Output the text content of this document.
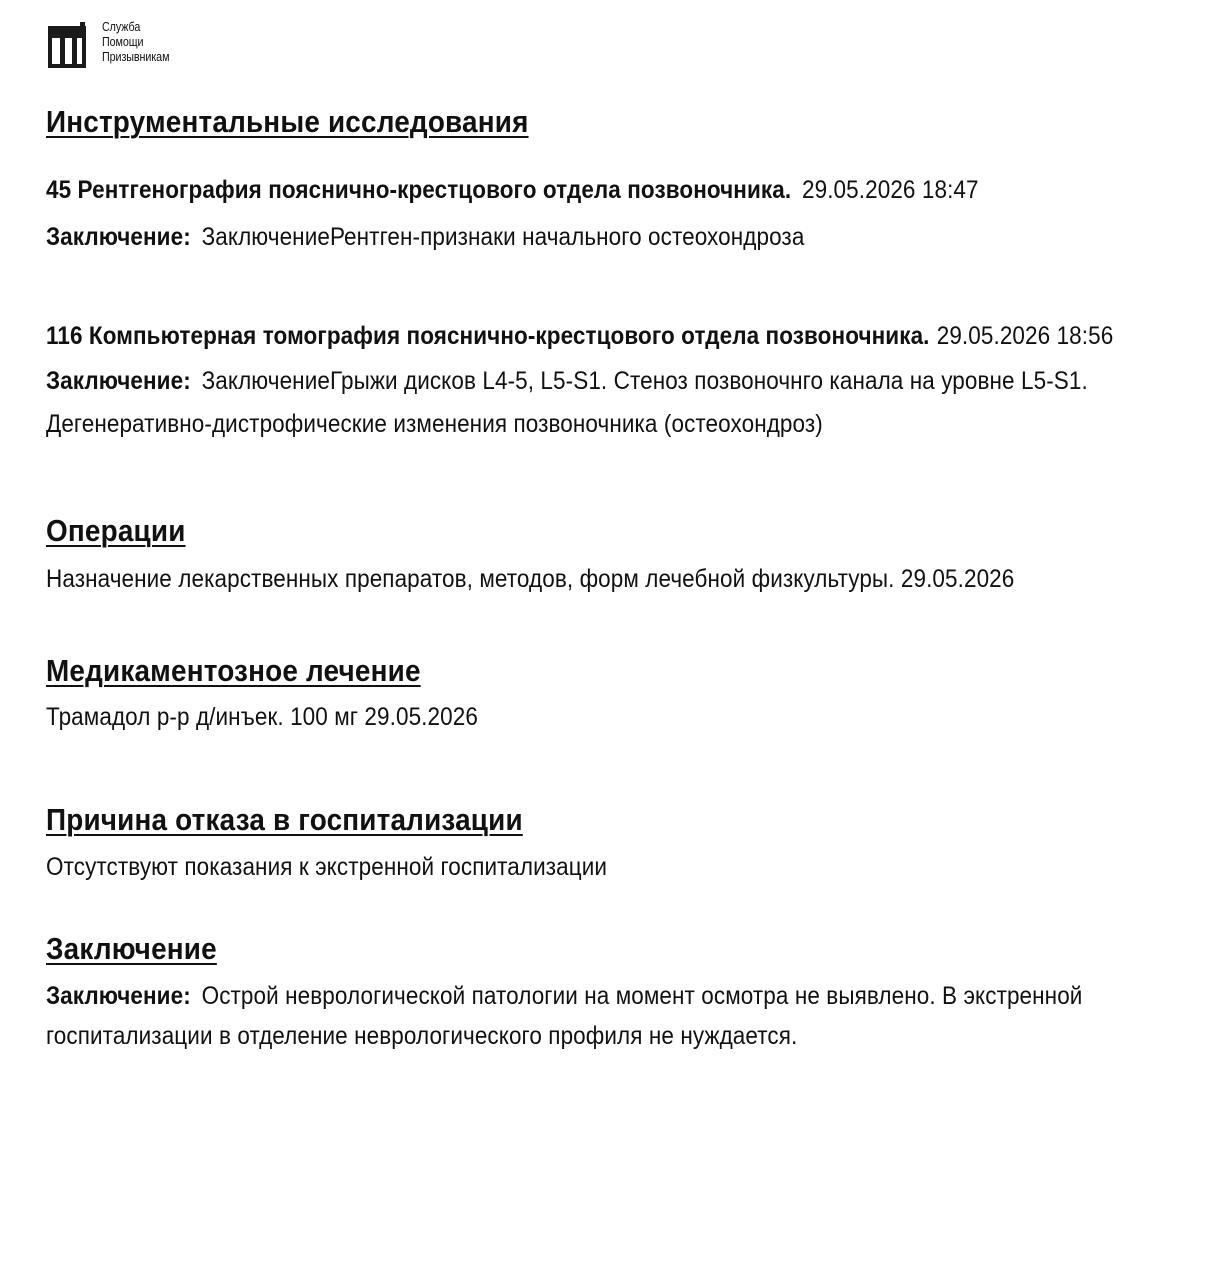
Служба
Помощи
Призывникам
Инструментальные исследования
45 Рентгенография пояснично-крестцового отдела позвоночника. 29.05.2026 18:47
Заключение: ЗаключениеРентген-признаки начального остеохондроза
116 Компьютерная томография пояснично-крестцового отдела позвоночника. 29.05.2026 18:56
Заключение: ЗаключениеГрыжи дисков L4-5, L5-S1. Стеноз позвоночнго канала на уровне L5-S1.
Дегенеративно-дистрофические изменения позвоночника (остеохондроз)
Операции
Назначение лекарственных препаратов, методов, форм лечебной физкультуры. 29.05.2026
Медикаментозное лечение
Трамадол р-р д/инъек. 100 мг 29.05.2026
Причина отказа в госпитализации
Отсутствуют показания к экстренной госпитализации
Заключение
Заключение: Острой неврологической патологии на момент осмотра не выявлено. В экстренной
госпитализации в отделение неврологического профиля не нуждается.
